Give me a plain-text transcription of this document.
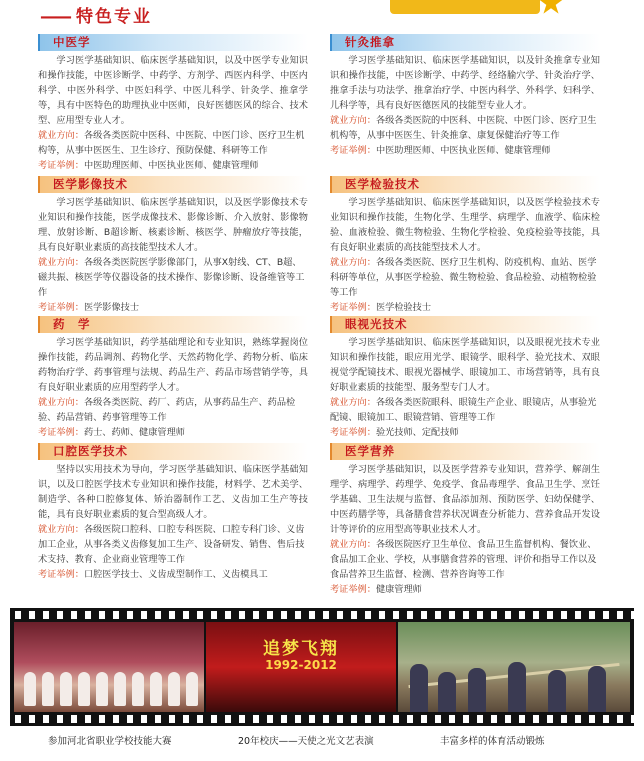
—— 特色专业
中医学

学习医学基础知识、临床医学基础知识，以及中医学专业知识和操作技能，中医诊断学、中药学、方剂学、西医内科学、中医内科学、中医外科学、中医妇科学、中医儿科学、针灸学、推拿学等，具有中医特色的助理执业中医师，良好医德医风的综合、技术型、应用型专业人才。

就业方向：各级各类医院中医科、中医院、中医门诊、医疗卫生机构等，从事中医医生、卫生诊疗、预防保健、科研等工作
考证举例：中医助理医师、中医执业医师、健康管理师
针灸推拿

学习医学基础知识、临床医学基础知识，以及针灸推拿专业知识和操作技能，中医诊断学、中药学、经络腧穴学、针灸治疗学、推拿手法与功法学、推拿治疗学、中医内科学、外科学、妇科学、儿科学等，具有良好医德医风的技能型专业人才。

就业方向：各级各类医院的中医科、中医院、中医门诊、医疗卫生机构等，从事中医医生、针灸推拿、康复保健治疗等工作
考证举例：中医助理医师、中医执业医师、健康管理师
医学影像技术

学习医学基础知识、临床医学基础知识，以及医学影像技术专业知识和操作技能，医学成像技术、影像诊断、介入放射、影像物理、放射诊断、B超诊断、核素诊断、核医学、肿瘤放疗等技能，具有良好职业素质的高技能型技术人才。

就业方向：各级各类医院医学影像部门，从事X射线、CT、B超、磁共振、核医学等仪器设备的技术操作、影像诊断、设备维管等工作
考证举例：医学影像技士
医学检验技术

学习医学基础知识、临床医学基础知识，以及医学检验技术专业知识和操作技能，生物化学、生理学、病理学、血液学、临床检验、血液检验、微生物检验、生物化学检验、免疫检验等技能，具有良好职业素质的高技能型技术人才。

就业方向：各级各类医院、医疗卫生机构、防疫机构、血站、医学科研等单位，从事医学检验、微生物检验、食品检验、动植物检验等工作
考证举例：医学检验技士
药　学

学习医学基础知识，药学基础理论和专业知识，熟练掌握岗位操作技能，药品调剂、药物化学、天然药物化学、药物分析、临床药物治疗学、药事管理与法规、药品生产、药品市场营销学等，具有良好职业素质的应用型药学人才。

就业方向：各级各类医院、药厂、药店，从事药品生产、药品检验、药品营销、药事管理等工作
考证举例：药士、药师、健康管理师
眼视光技术

学习医学基础知识、临床医学基础知识，以及眼视光技术专业知识和操作技能，眼应用光学、眼镜学、眼科学、验光技术、双眼视觉学配镜技术、眼视光器械学、眼镜加工、市场营销等，具有良好职业素质的技能型、服务型专门人才。

就业方向：各级各类医院眼科、眼镜生产企业、眼镜店，从事验光配镜、眼镜加工、眼镜营销、管理等工作
考证举例：验光技师、定配技师
口腔医学技术

坚持以实用技术为导向，学习医学基础知识、临床医学基础知识，以及口腔医学技术专业知识和操作技能，材料学、艺术美学、制造学、各种口腔修复体、矫治器制作工艺、义齿加工生产等技能，具有良好职业素质的复合型高级人才。

就业方向：各级医院口腔科、口腔专科医院、口腔专科门诊、义齿加工企业，从事各类义齿修复加工生产、设备研发、销售、售后技术支持、教育、企业商业管理等工作
考证举例：口腔医学技士、义齿成型制作工、义齿模具工
医学营养

学习医学基础知识，以及医学营养专业知识，营养学、解剖生理学、病理学、药理学、免疫学、食品毒理学、食品卫生学、烹饪学基础、卫生法规与监督、食品添加剂、预防医学、妇幼保健学、中医药膳学等，具备膳食营养状况调查分析能力、营养食品开发设计等评价的应用型高等职业技术人才。

就业方向：各级医院医疗卫生单位、食品卫生监督机构、餐饮业、食品加工企业、学校，从事膳食营养的管理、评价和指导工作以及食品营养卫生监督、检测、营养咨询等工作
考证举例：健康管理师
追梦飞翔
1992-2012
参加河北省职业学校技能大赛	20年校庆——天使之光文艺表演	丰富多样的体育活动锻炼
